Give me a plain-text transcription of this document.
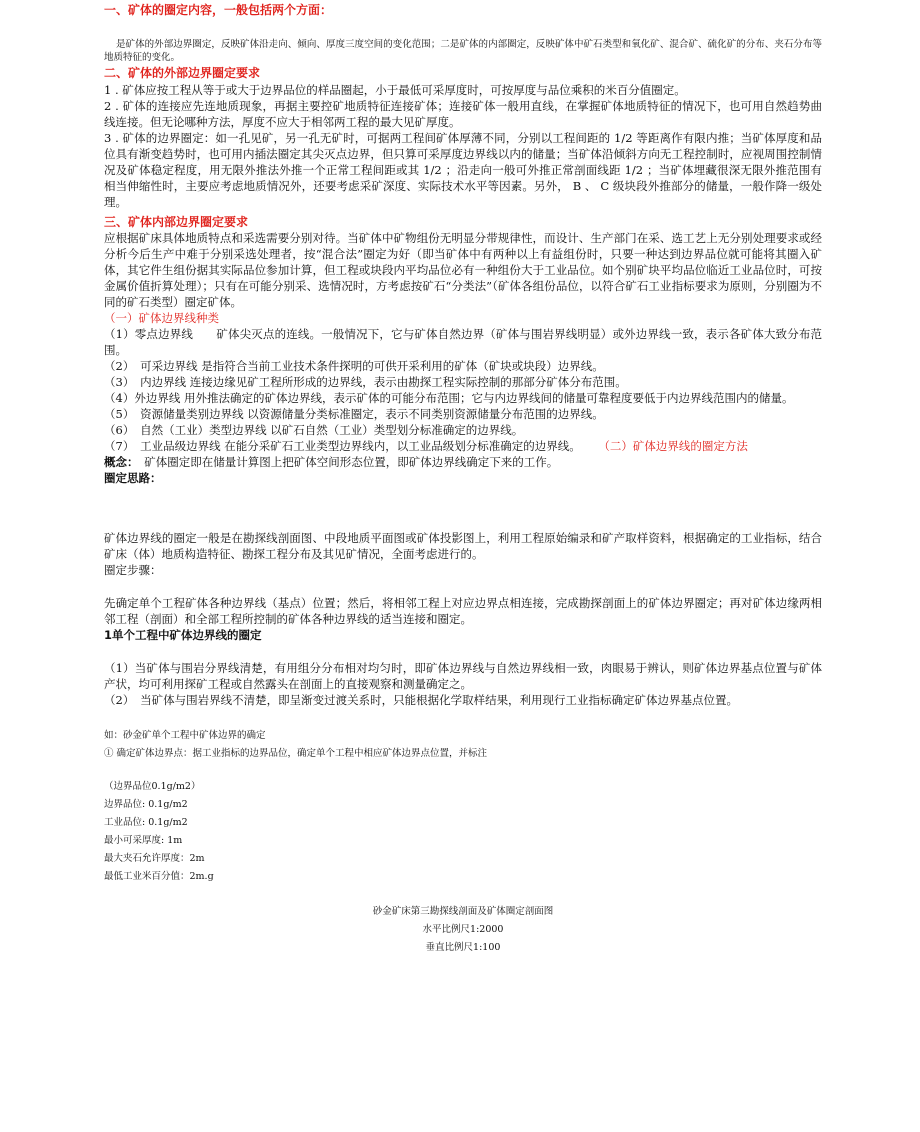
一、矿体的圈定内容，一般包括两个方面：
是矿体的外部边界圈定，反映矿体沿走向、倾向、厚度三度空间的变化范围；二是矿体的内部圈定，反映矿体中矿石类型和氧化矿、混合矿、硫化矿的分布、夹石分布等地质特征的变化。
二、矿体的外部边界圈定要求

1 . 矿体应按工程从等于或大于边界品位的样品圈起，小于最低可采厚度时，可按厚度与品位乘积的米百分值圈定。

2 . 矿体的连接应先连地质现象，再据主要控矿地质特征连接矿体；连接矿体一般用直线，在掌握矿体地质特征的情况下，也可用自然趋势曲线连接。但无论哪种方法，厚度不应大于相邻两工程的最大见矿厚度。

3 . 矿体的边界圈定：如一孔见矿，另一孔无矿时，可据两工程间矿体厚薄不同，分别以工程间距的 1/2 等距离作有限内推；当矿体厚度和品位具有渐变趋势时，也可用内插法圈定其尖灭点边界，但只算可采厚度边界线以内的储量；当矿体沿倾斜方向无工程控制时，应视周围控制情况及矿体稳定程度，用无限外推法外推一个正常工程间距或其 1/2 ；沿走向一般可外推正常剖面线距 1/2 ；当矿体埋藏很深无限外推范围有相当伸缩性时，主要应考虑地质情况外，还要考虑采矿深度、实际技术水平等因素。另外， B 、 C 级块段外推部分的储量，一般作降一级处理。

三、矿体内部边界圈定要求

应根据矿床具体地质特点和采选需要分别对待。当矿体中矿物组份无明显分带规律性，而设计、生产部门在采、选工艺上无分别处理要求或经分析今后生产中难于分别采选处理者，按“混合法”圈定为好（即当矿体中有两种以上有益组份时，只要一种达到边界品位就可能将其圈入矿体，其它件生组份据其实际品位参加计算，但工程或块段内平均品位必有一种组份大于工业品位。如个别矿块平均品位临近工业品位时，可按金属价值折算处理）；只有在可能分别采、选情况时，方考虑按矿石“分类法”（矿体各组份品位，以符合矿石工业指标要求为原则，分别圈为不同的矿石类型）圈定矿体。

（一）矿体边界线种类

（1）零点边界线　　矿体尖灭点的连线。一般情况下，它与矿体自然边界（矿体与围岩界线明显）或外边界线一致，表示各矿体大致分布范围。

（2）　可采边界线 是指符合当前工业技术条件探明的可供开采利用的矿体（矿块或块段）边界线。

（3）　内边界线 连接边缘见矿工程所形成的边界线，表示由勘探工程实际控制的那部分矿体分布范围。

（4）外边界线 用外推法确定的矿体边界线，表示矿体的可能分布范围；它与内边界线间的储量可靠程度要低于内边界线范围内的储量。

（5）　资源储量类别边界线 以资源储量分类标准圈定，表示不同类别资源储量分布范围的边界线。

（6）　自然（工业）类型边界线 以矿石自然（工业）类型划分标准确定的边界线。

（7）　工业品级边界线 在能分采矿石工业类型边界线内，以工业品级划分标准确定的边界线。 （二）矿体边界线的圈定方法

概念：　矿体圈定即在储量计算图上把矿体空间形态位置，即矿体边界线确定下来的工作。

圈定思路：

矿体边界线的圈定一般是在勘探线剖面图、中段地质平面图或矿体投影图上，利用工程原始编录和矿产取样资料，根据确定的工业指标，结合矿床（体）地质构造特征、勘探工程分布及其见矿情况，全面考虑进行的。

圈定步骤：

先确定单个工程矿体各种边界线（基点）位置；然后，将相邻工程上对应边界点相连接，完成勘探剖面上的矿体边界圈定；再对矿体边缘两相邻工程（剖面）和全部工程所控制的矿体各种边界线的适当连接和圈定。

1单个工程中矿体边界线的圈定

（1）当矿体与围岩分界线清楚，有用组分分布相对均匀时，即矿体边界线与自然边界线相一致，肉眼易于辨认，则矿体边界基点位置与矿体产状，均可利用探矿工程或自然露头在剖面上的直接观察和测量确定之。

（2）　当矿体与围岩界线不清楚，即呈渐变过渡关系时，只能根据化学取样结果，利用现行工业指标确定矿体边界基点位置。

如：砂金矿单个工程中矿体边界的确定

① 确定矿体边界点：据工业指标的边界品位，确定单个工程中相应矿体边界点位置，并标注

（边界品位0.1g/m2）

边界品位: 0.1g/m2

工业品位: 0.1g/m2

最小可采厚度: 1m

最大夹石允许厚度：2m

最低工业米百分值：2m.g

砂金矿床第三勘探线剖面及矿体圈定剖面图

水平比例尺1:2000

垂直比例尺1:100
